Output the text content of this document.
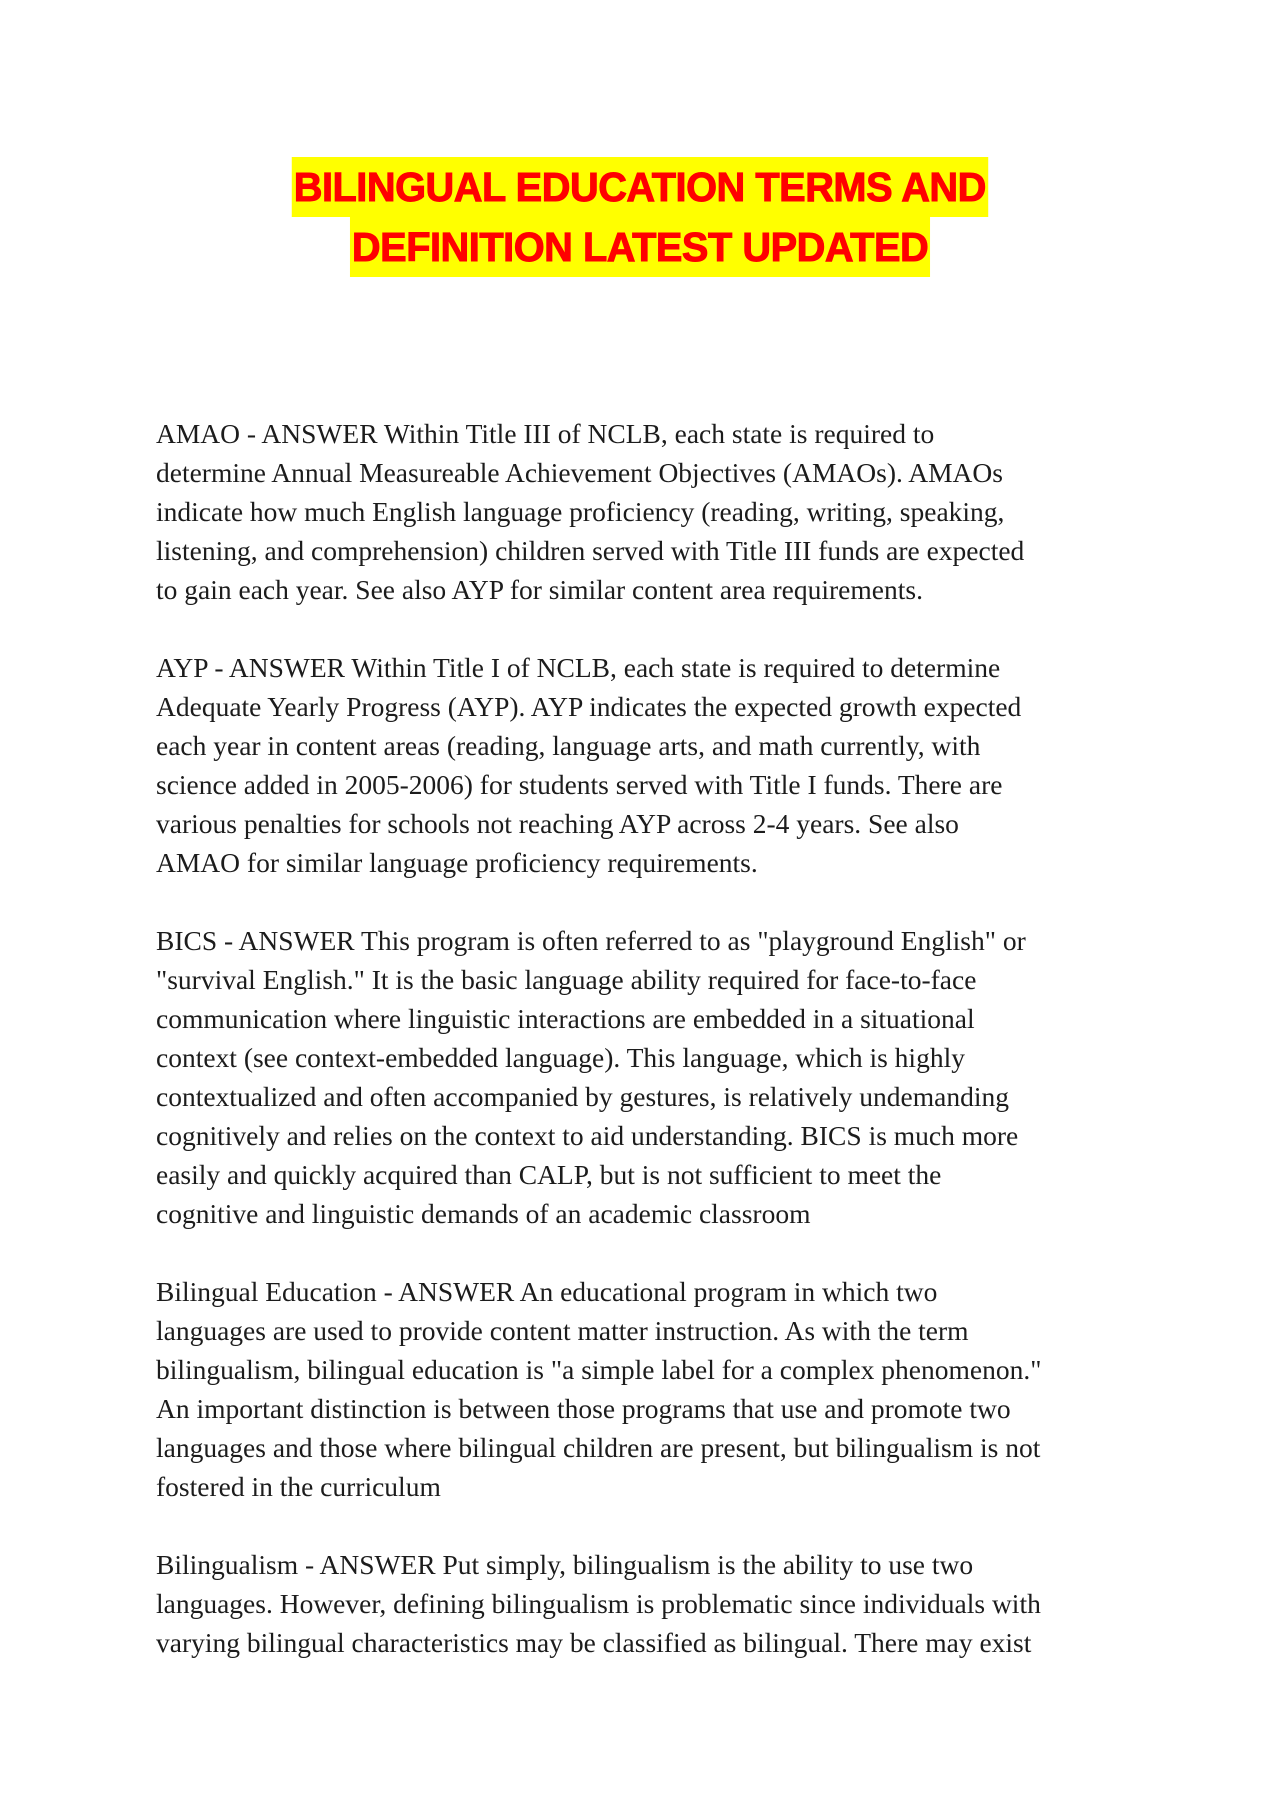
BILINGUAL EDUCATION TERMS AND
DEFINITION LATEST UPDATED
AMAO - ANSWER Within Title III of NCLB, each state is required to
determine Annual Measureable Achievement Objectives (AMAOs). AMAOs
indicate how much English language proficiency (reading, writing, speaking,
listening, and comprehension) children served with Title III funds are expected
to gain each year. See also AYP for similar content area requirements.
AYP - ANSWER Within Title I of NCLB, each state is required to determine
Adequate Yearly Progress (AYP). AYP indicates the expected growth expected
each year in content areas (reading, language arts, and math currently, with
science added in 2005-2006) for students served with Title I funds. There are
various penalties for schools not reaching AYP across 2-4 years. See also
AMAO for similar language proficiency requirements.
BICS - ANSWER This program is often referred to as "playground English" or
"survival English." It is the basic language ability required for face-to-face
communication where linguistic interactions are embedded in a situational
context (see context-embedded language). This language, which is highly
contextualized and often accompanied by gestures, is relatively undemanding
cognitively and relies on the context to aid understanding. BICS is much more
easily and quickly acquired than CALP, but is not sufficient to meet the
cognitive and linguistic demands of an academic classroom
Bilingual Education - ANSWER An educational program in which two
languages are used to provide content matter instruction. As with the term
bilingualism, bilingual education is "a simple label for a complex phenomenon."
An important distinction is between those programs that use and promote two
languages and those where bilingual children are present, but bilingualism is not
fostered in the curriculum
Bilingualism - ANSWER Put simply, bilingualism is the ability to use two
languages. However, defining bilingualism is problematic since individuals with
varying bilingual characteristics may be classified as bilingual. There may exist
